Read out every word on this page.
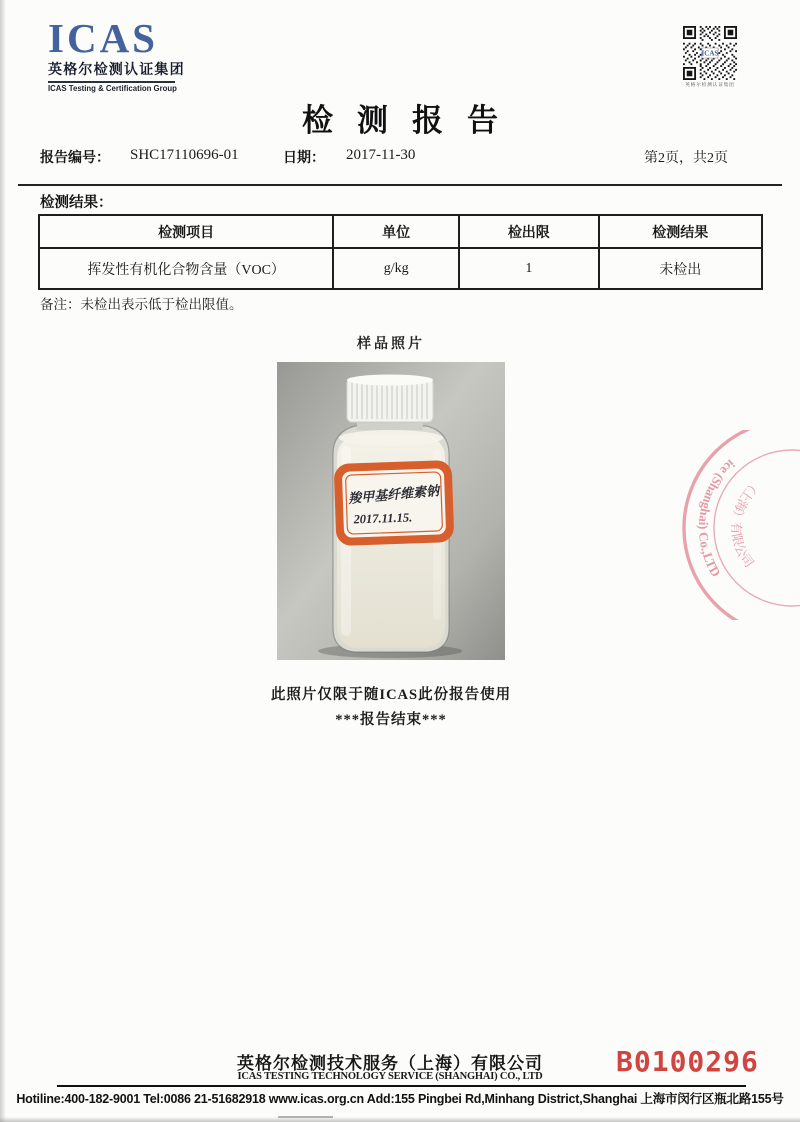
ICAS
英格尔检测认证集团
ICAS Testing & Certification Group
ICAS
英格尔检测认证集团
检测报告
报告编号： SHC17110696-01	日期： 2017-11-30	第2页，共2页
检测结果：
检测项目	单位	检出限	检测结果
挥发性有机化合物含量（VOC）	g/kg	1	未检出
备注：未检出表示低于检出限值。
样品照片
羧甲基纤维素钠
2017.11.15.
ice (Shanghai) Co.,LTD
（上海）有限公司
此照片仅限于随ICAS此份报告使用
***报告结束***
英格尔检测技术服务（上海）有限公司
ICAS TESTING TECHNOLOGY SERVICE (SHANGHAI) CO., LTD	B0100296
Hotiline:400-182-9001 Tel:0086 21-51682918 www.icas.org.cn Add:155 Pingbei Rd,Minhang District,Shanghai 上海市闵行区瓶北路155号
